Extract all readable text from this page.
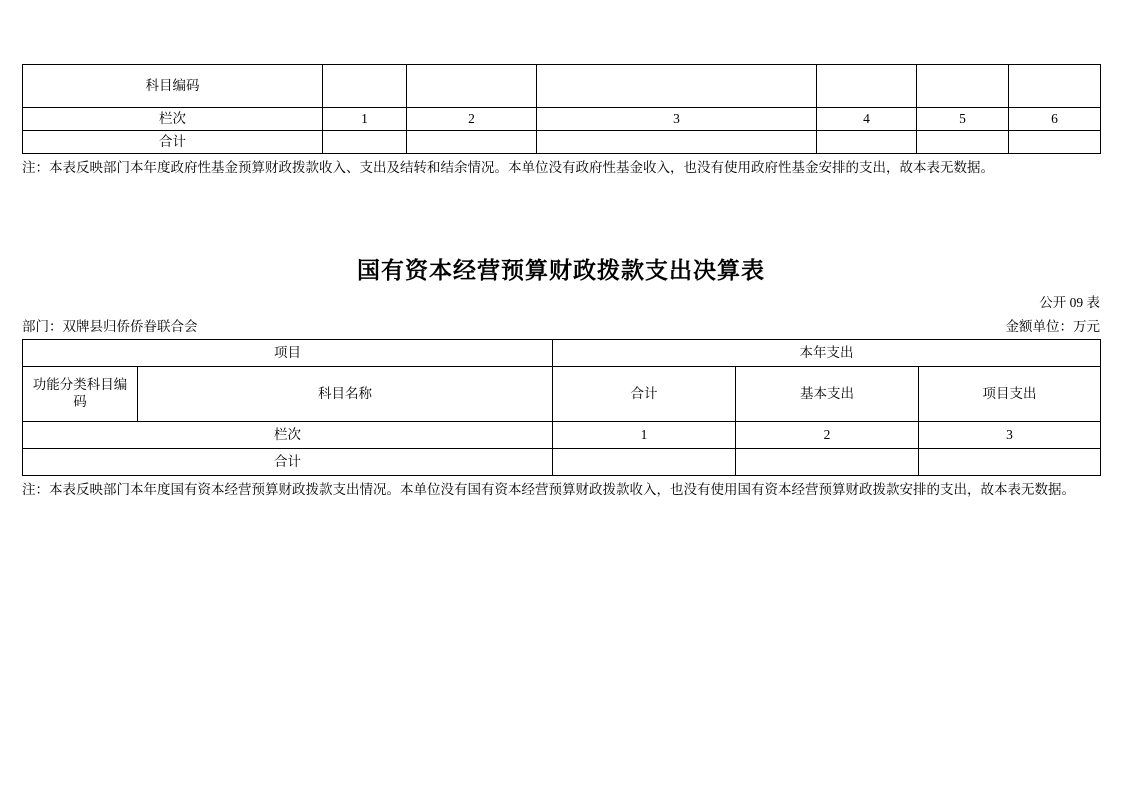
科目编码						
栏次	1	2	3	4	5	6
合计						

注：本表反映部门本年度政府性基金预算财政拨款收入、支出及结转和结余情况。本单位没有政府性基金收入，也没有使用政府性基金安排的支出，故本表无数据。

国有资本经营预算财政拨款支出决算表
公开 09 表
部门：双牌县归侨侨眷联合会	金额单位：万元
项目		本年支出		
功能分类科目编码	科目名称	合计	基本支出	项目支出
栏次		1	2	3
合计				

注：本表反映部门本年度国有资本经营预算财政拨款支出情况。本单位没有国有资本经营预算财政拨款收入，也没有使用国有资本经营预算财政拨款安排的支出，故本表无数据。
